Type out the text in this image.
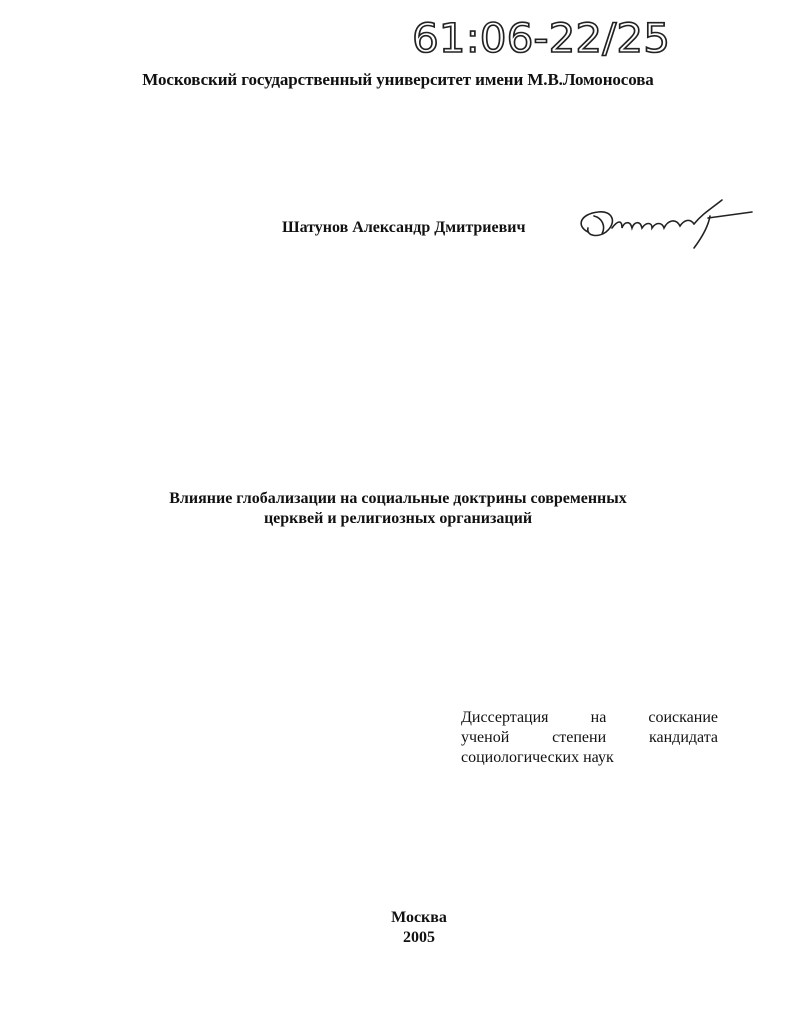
61:06-22/25
Московский государственный университет имени М.В.Ломоносова
Шатунов Александр Дмитриевич
Влияние глобализации на социальные доктрины современных
церквей и религиозных организаций
Диссертация	на	соискание
ученой	степени	кандидата
социологических наук
Москва
2005
